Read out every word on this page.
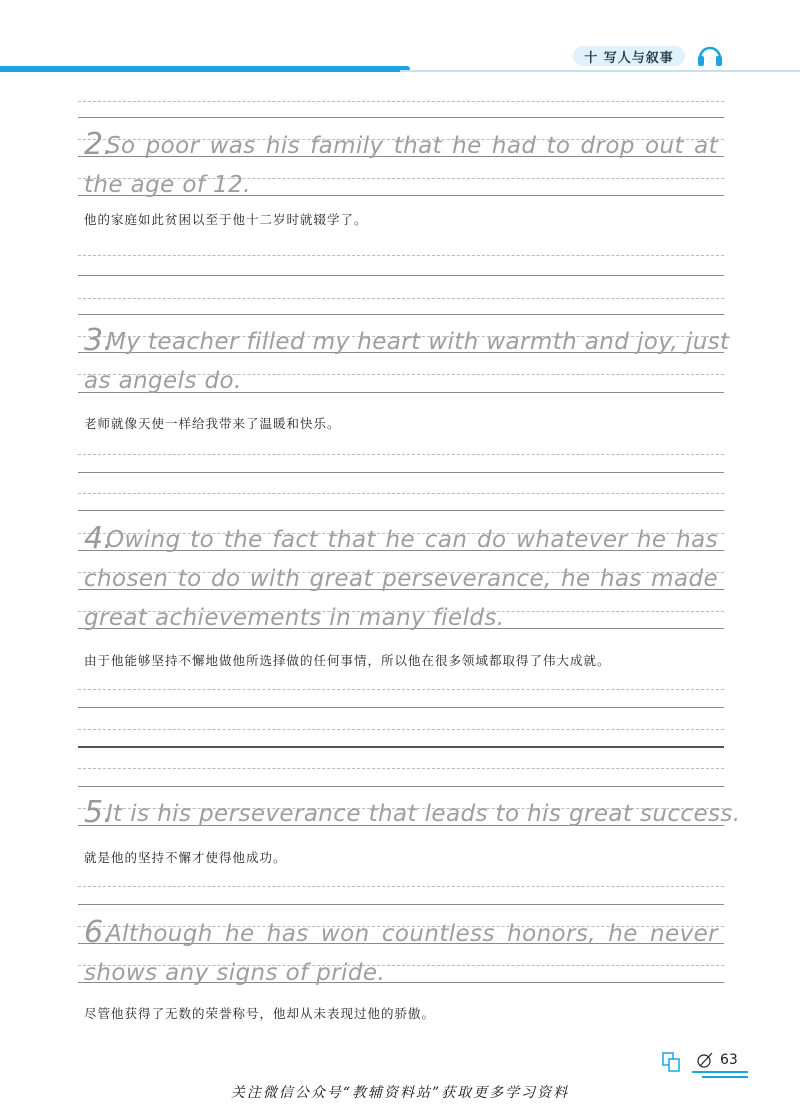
十 写人与叙事
2.
So poor was his family that he had to drop out at
the age of 12.
他的家庭如此贫困以至于他十二岁时就辍学了。
3.
My teacher filled my heart with warmth and joy, just
as angels do.
老师就像天使一样给我带来了温暖和快乐。
4.
Owing to the fact that he can do whatever he has
chosen to do with great perseverance, he has made
great achievements in many fields.
由于他能够坚持不懈地做他所选择做的任何事情，所以他在很多领域都取得了伟大成就。
5.
It is his perseverance that leads to his great success.
就是他的坚持不懈才使得他成功。
6.
Although he has won countless honors, he never
shows any signs of pride.
尽管他获得了无数的荣誉称号，他却从未表现过他的骄傲。
63
关注微信公众号“教辅资料站”获取更多学习资料
